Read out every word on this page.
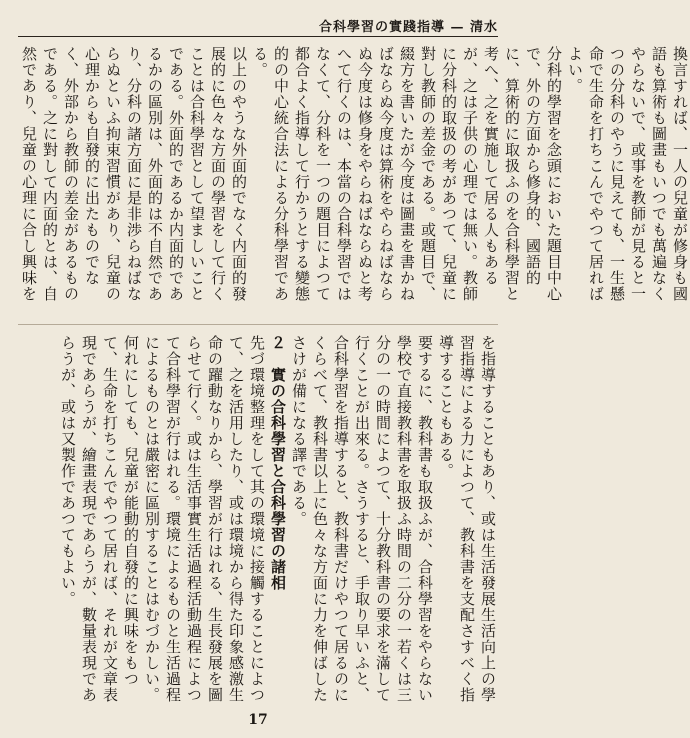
合科學習の實踐指導 — 清水

換言すれば、一人の兒童が修身も國語も算術も圖畫もいつでも萬遍なくやらないで、或事を教師が見ると一つの分科のやうに見えても、一生懸命で生命を打ちこんでやつて居ればよい。

分科的學習を念頭においた題目中心で、外の方面から修身的、國語的に、算術的に取扱ふのを合科學習と考へ、之を實施して居る人もあるが、之は子供の心理では無い。教師に分科的取扱の考があつて、兒童に對し教師の差金である。或題目で、綴方を書いたが今度は圖畫を書かねばならぬ今度は算術をやらねばならぬ今度は修身をやらねばならぬと考へて行くのは、本當の合科學習ではなくて、分科を一つの題目によつて都合よく指導して行かうとする變態的の中心統合法による分科學習である。

以上のやうな外面的でなく内面的發展的に色々な方面の學習をして行くことは合科學習として望ましいことである。外面的であるか内面的であるかの區別は、外面的は不自然であり、分科の諸方面に是非渉らねばならぬといふ拘束習慣があり、兒童の心理からも自發的に出たものでなく、外部から教師の差金があるものである。之に對して内面的とは、自然であり、兒童の心理に合し興味を

を指導することもあり、或は生活發展生活向上の學習指導による力によつて、教科書を支配さすべく指導することもある。

要するに、教科書も取扱ふが、合科學習をやらない學校で直接教科書を取扱ふ時間の二分の一若くは三分の一の時間によつて、十分教科書の要求を滿して行くことが出來る。さうすると、手取り早いふと、合科學習を指導すると、教科書だけやつて居るのにくらべて、教科書以上に色々な方面に力を伸ばしたさけが備になる譯である。

２　實の合科學習と合科學習の諸相

先づ環境整理をして其の環境に接觸することによつて、之を活用したり、或は環境から得た印象感激生命の躍動なりから、學習が行はれる、生長發展を圖らせて行く。或は生活事實生活過程活動過程によつて合科學習が行はれる。環境によるものと生活過程によるものとは嚴密に區別することはむづかしい。何れにしても、兒童が能動的自發的に興味をもつて、生命を打ちこんでやつて居れば、それが文章表現であらうが、繪畫表現であらうが、數量表現であらうが、或は又製作であつてもよい。

17
